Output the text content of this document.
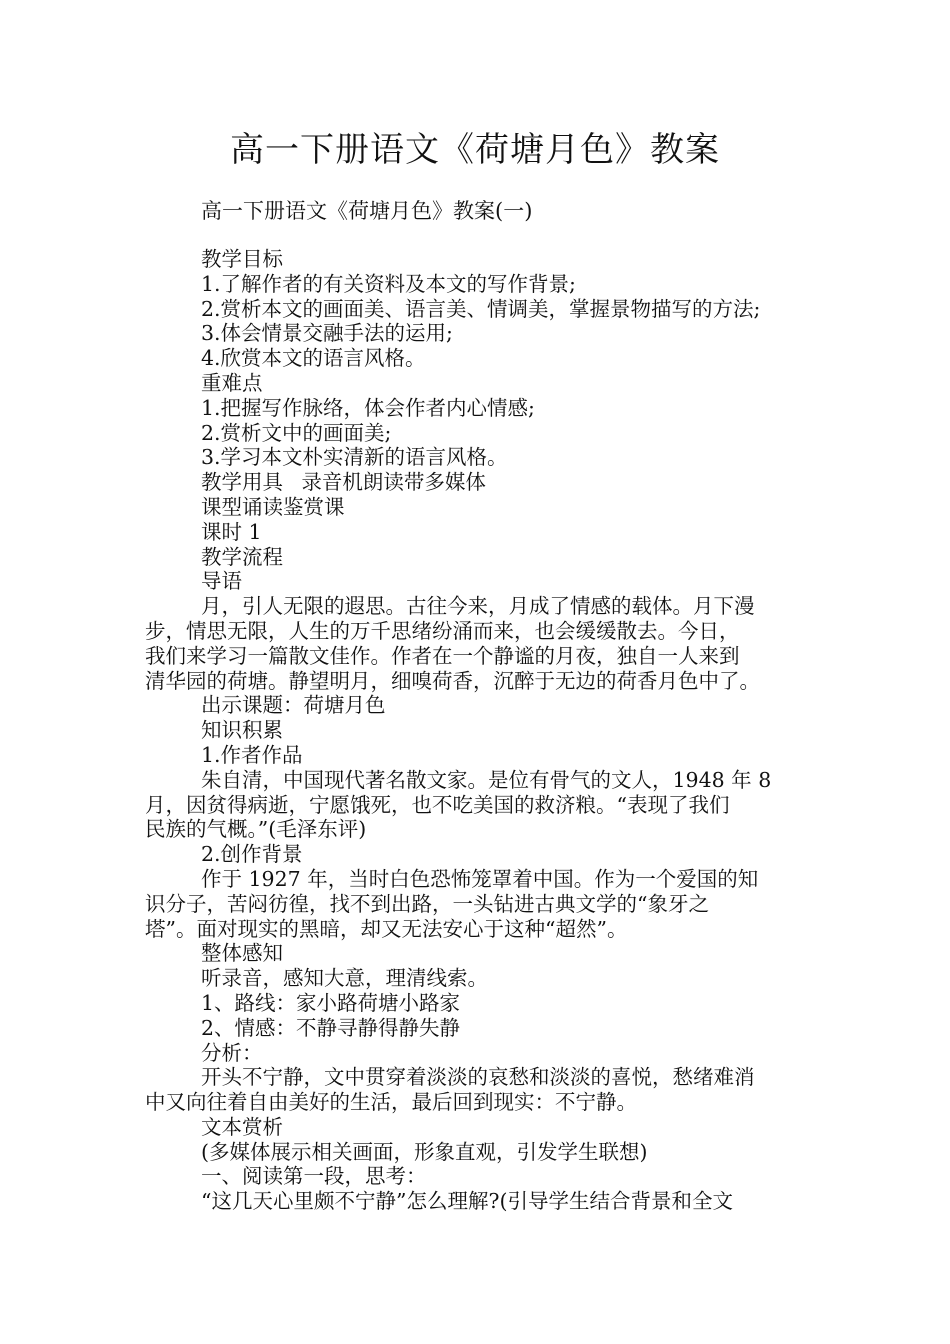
高一下册语文《荷塘月色》教案
高一下册语文《荷塘月色》教案(一)
教学目标
1.了解作者的有关资料及本文的写作背景;
2.赏析本文的画面美、语言美、情调美，掌握景物描写的方法;
3.体会情景交融手法的运用;
4.欣赏本文的语言风格。
重难点
1.把握写作脉络，体会作者内心情感;
2.赏析文中的画面美;
3.学习本文朴实清新的语言风格。
教学用具 录音机朗读带多媒体
课型诵读鉴赏课
课时 1
教学流程
导语
月，引人无限的遐思。古往今来，月成了情感的载体。月下漫
步，情思无限，人生的万千思绪纷涌而来，也会缓缓散去。今日，
我们来学习一篇散文佳作。作者在一个静谧的月夜，独自一人来到
清华园的荷塘。静望明月，细嗅荷香，沉醉于无边的荷香月色中了。
出示课题：荷塘月色
知识积累
1.作者作品
朱自清，中国现代著名散文家。是位有骨气的文人，1948 年 8
月，因贫得病逝，宁愿饿死，也不吃美国的救济粮。“表现了我们
民族的气概。”(毛泽东评)
2.创作背景
作于 1927 年，当时白色恐怖笼罩着中国。作为一个爱国的知
识分子，苦闷彷徨，找不到出路，一头钻进古典文学的“象牙之
塔”。面对现实的黑暗，却又无法安心于这种“超然”。
整体感知
听录音，感知大意，理清线索。
1、路线：家小路荷塘小路家
2、情感：不静寻静得静失静
分析：
开头不宁静，文中贯穿着淡淡的哀愁和淡淡的喜悦，愁绪难消
中又向往着自由美好的生活，最后回到现实：不宁静。
文本赏析
(多媒体展示相关画面，形象直观，引发学生联想)
一、阅读第一段，思考：
“这几天心里颇不宁静”怎么理解?(引导学生结合背景和全文
